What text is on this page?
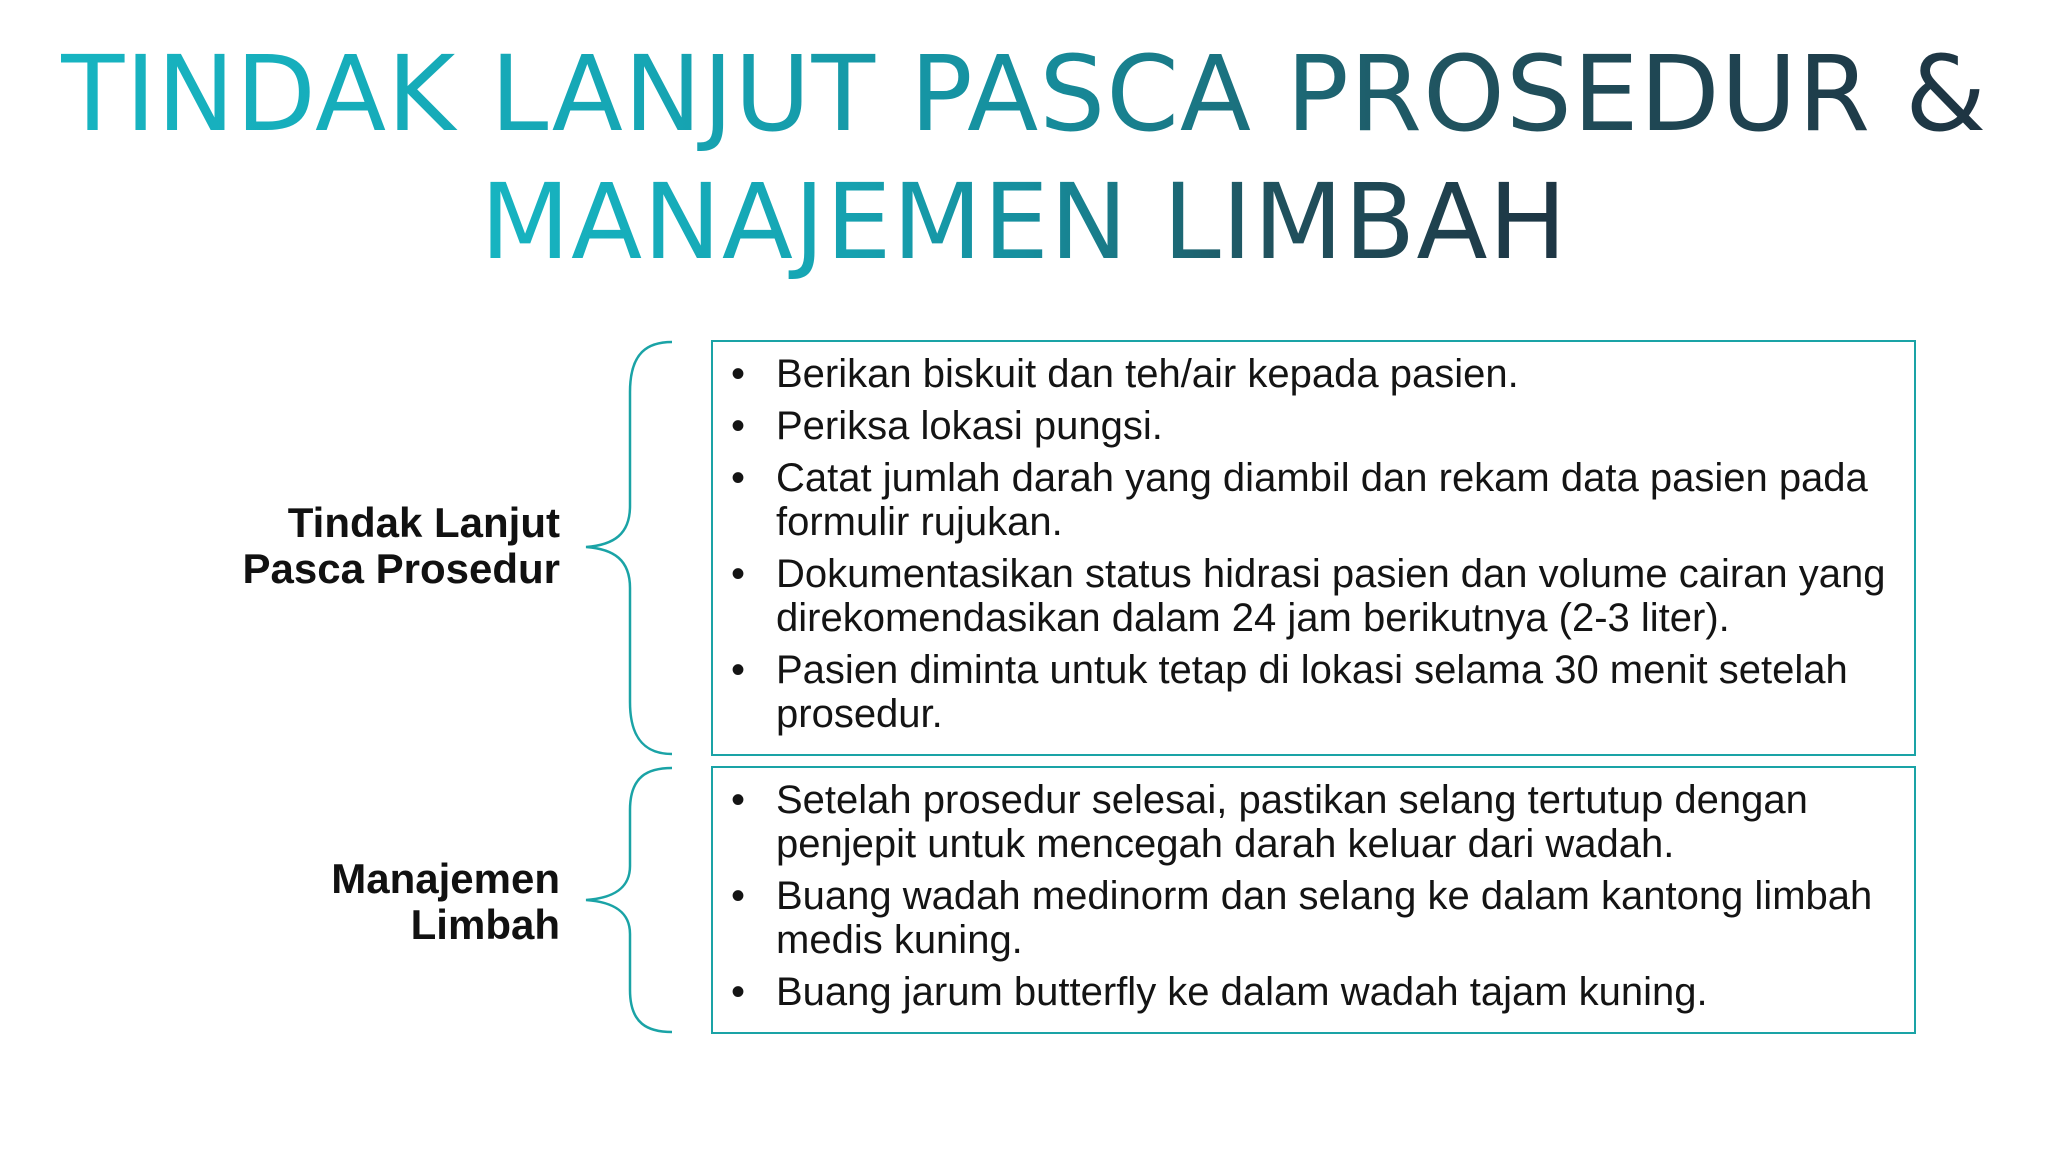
TINDAK LANJUT PASCA PROSEDUR &
MANAJEMEN LIMBAH
Tindak Lanjut
Pasca Prosedur
• Berikan biskuit dan teh/air kepada pasien.
• Periksa lokasi pungsi.
• Catat jumlah darah yang diambil dan rekam data pasien pada formulir rujukan.
• Dokumentasikan status hidrasi pasien dan volume cairan yang direkomendasikan dalam 24 jam berikutnya (2-3 liter).
• Pasien diminta untuk tetap di lokasi selama 30 menit setelah prosedur.
Manajemen
Limbah
• Setelah prosedur selesai, pastikan selang tertutup dengan penjepit untuk mencegah darah keluar dari wadah.
• Buang wadah medinorm dan selang ke dalam kantong limbah medis kuning.
• Buang jarum butterfly ke dalam wadah tajam kuning.
